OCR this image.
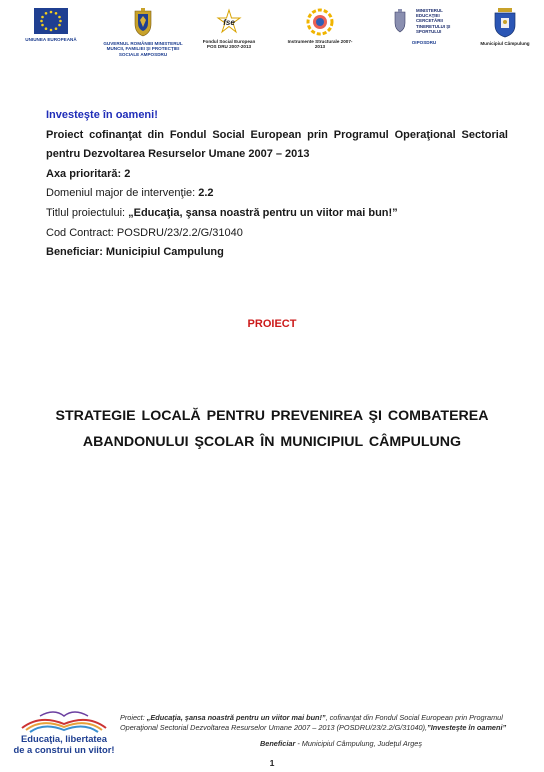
UNIUNEA EUROPEANĂ
GUVERNUL ROMÂNIEI MINISTERUL MUNCII, FAMILIEI ŞI PROTECŢIEI SOCIALE AMPOSDRU
fse
Fondul Social European POS DRU 2007-2013
Instrumente Structurale 2007-2013
MINISTERUL EDUCAŢIEI CERCETĂRII TINERETULUI ŞI SPORTULUI
OIPOSDRU	Municipiul Câmpulung
Investeşte în oameni!
Proiect cofinanţat din Fondul Social European prin Programul Operaţional Sectorial pentru Dezvoltarea Resurselor Umane 2007 – 2013
Axa prioritară: 2
Domeniul major de intervenţie: 2.2
Titlul proiectului: „Educaţia, şansa noastră pentru un viitor mai bun!”
Cod Contract: POSDRU/23/2.2/G/31040
Beneficiar: Municipiul Campulung
PROIECT
STRATEGIE LOCALĂ PENTRU PREVENIREA ŞI COMBATEREA
ABANDONULUI ŞCOLAR ÎN MUNICIPIUL CÂMPULUNG
Educaţia, libertatea
de a construi un viitor!
Proiect: „Educaţia, şansa noastră pentru un viitor mai bun!”, cofinanţat din Fondul Social European prin Programul Operaţional Sectorial Dezvoltarea Resurselor Umane 2007 – 2013 (POSDRU/23/2.2/G/31040),”Investeşte în oameni”
Beneficiar - Municipiul Câmpulung, Judeţul Argeş
1
